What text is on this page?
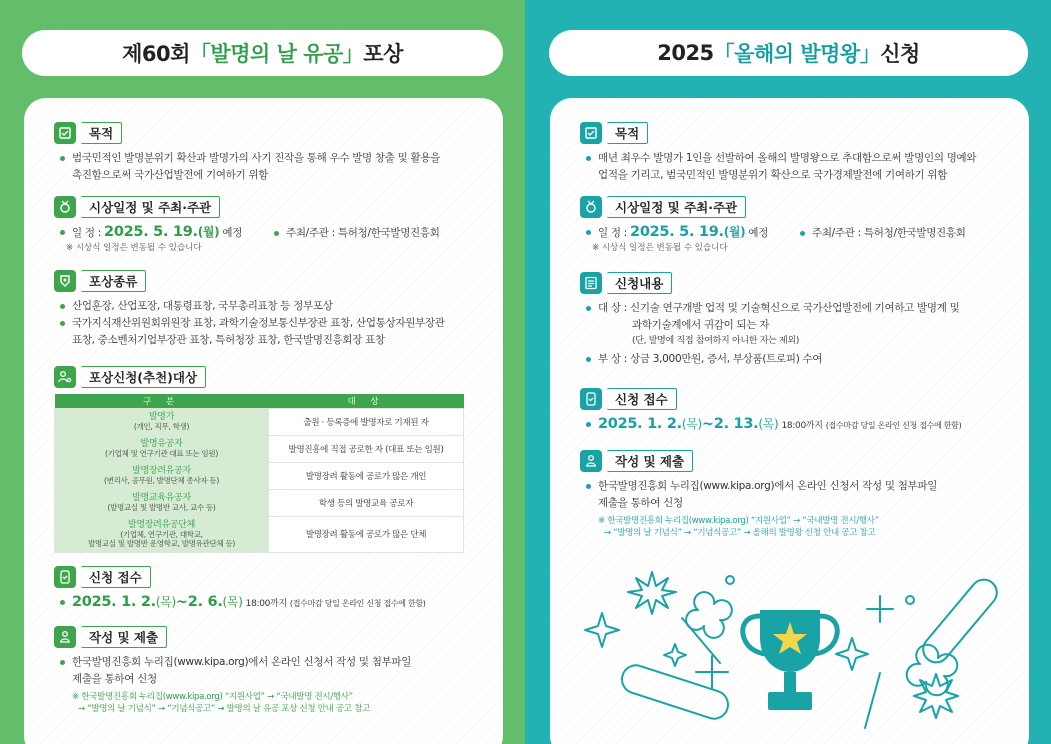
제60회 「발명의 날 유공」 포상
목적
범국민적인 발명분위기 확산과 발명가의 사기 진작을 통해 우수 발명 창출 및 활용을
촉진함으로써 국가산업발전에 기여하기 위함
시상일정 및 주최·주관
일 정 : 2025. 5. 19.(월) 예정	주최/주관 : 특허청/한국발명진흥회
※ 시상식 일정은 변동될 수 있습니다
포상종류
산업훈장, 산업포장, 대통령표창, 국무총리표창 등 정부포상
국가지식재산위원회위원장 표창, 과학기술정보통신부장관 표창, 산업통상자원부장관
표창, 중소벤처기업부장관 표창, 특허청장 표창, 한국발명진흥회장 표창
포상신청(추천)대상
구 분	대 상
발명가
(개인, 직무, 학생)	출원 · 등록증에 발명자로 기재된 자
발명유공자
(기업체 및 연구기관 대표 또는 임원)	발명진흥에 직접 공로한 자 (대표 또는 임원)
발명장려유공자
(변리사, 공무원, 발명단체 종사자 등)	발명장려 활동에 공로가 많은 개인
발명교육유공자
(발명교실 및 발명반 교사, 교수 등)	학생 등의 발명교육 공로자
발명장려유공단체
(기업체, 연구기관, 대학교,
발명교실 및 발명반 운영학교, 발명유관단체 등)	발명장려 활동에 공로가 많은 단체
신청 접수
2025. 1. 2.(목)~2. 6.(목) 18:00까지 (접수마감 당일 온라인 신청 접수에 한함)
작성 및 제출
한국발명진흥회 누리집(www.kipa.org)에서 온라인 신청서 작성 및 첨부파일
제출을 통하여 신청
※ 한국발명진흥회 누리집(www.kipa.org) “지원사업” → “국내발명 전시/행사”
→ “발명의 날 기념식” → “기념식공고” → 발명의 날 유공 포상 신청 안내 공고 참고
2025 「올해의 발명왕」 신청
목적
매년 최우수 발명가 1인을 선발하여 올해의 발명왕으로 추대함으로써 발명인의 명예와
업적을 기리고, 범국민적인 발명분위기 확산으로 국가경제발전에 기여하기 위함
시상일정 및 주최·주관
일 정 : 2025. 5. 19.(월) 예정	주최/주관 : 특허청/한국발명진흥회
※ 시상식 일정은 변동될 수 있습니다
신청내용
대 상 : 신기술 연구개발 업적 및 기술혁신으로 국가산업발전에 기여하고 발명계 및
과학기술계에서 귀감이 되는 자
(단, 발명에 직접 참여하지 아니한 자는 제외)
부 상 : 상금 3,000만원, 증서, 부상품(트로피) 수여
신청 접수
2025. 1. 2.(목)~2. 13.(목) 18:00까지 (접수마감 당일 온라인 신청 접수에 한함)
작성 및 제출
한국발명진흥회 누리집(www.kipa.org)에서 온라인 신청서 작성 및 첨부파일
제출을 통하여 신청
※ 한국발명진흥회 누리집(www.kipa.org) “지원사업” → “국내발명 전시/행사”
→ “발명의 날 기념식” → “기념식공고” → 올해의 발명왕 신청 안내 공고 참고
